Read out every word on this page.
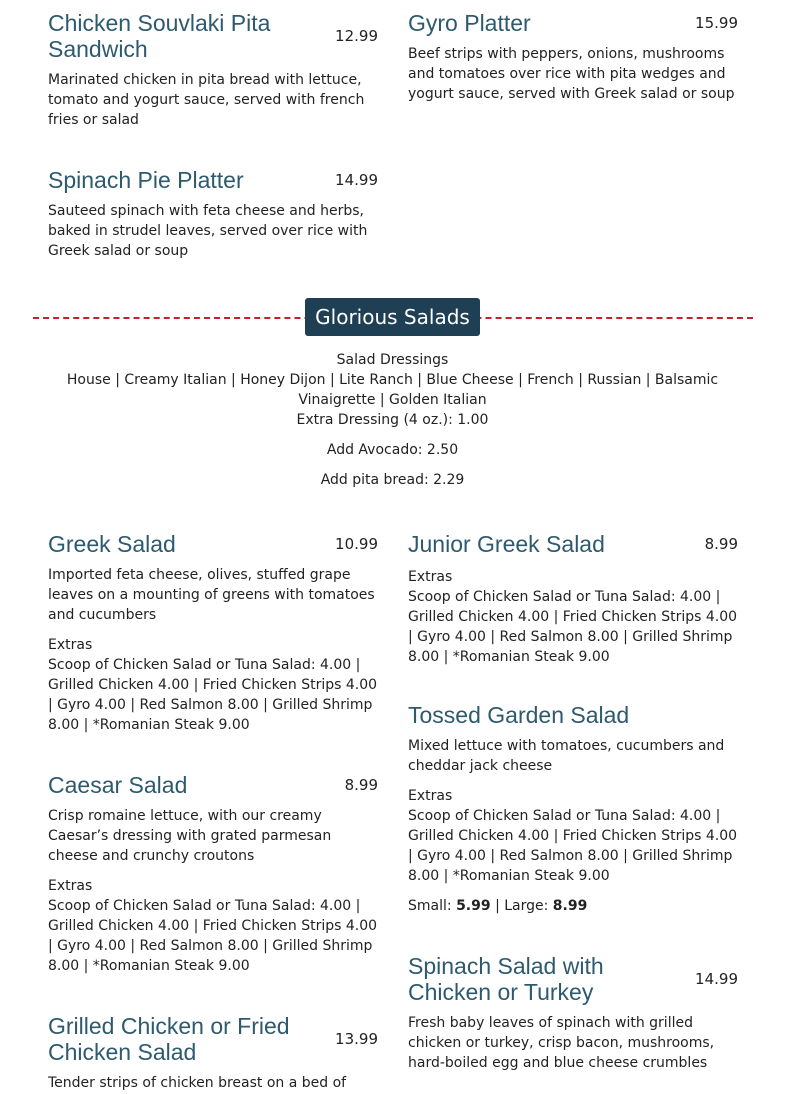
Chicken Souvlaki Pita Sandwich	12.99
Marinated chicken in pita bread with lettuce, tomato and yogurt sauce, served with french fries or salad
Gyro Platter	15.99
Beef strips with peppers, onions, mushrooms and tomatoes over rice with pita wedges and yogurt sauce, served with Greek salad or soup
Spinach Pie Platter	14.99
Sauteed spinach with feta cheese and herbs, baked in strudel leaves, served over rice with Greek salad or soup
Glorious Salads

Salad Dressings

House | Creamy Italian | Honey Dijon | Lite Ranch | Blue Cheese | French | Russian | Balsamic Vinaigrette | Golden Italian

Extra Dressing (4 oz.): 1.00

Add Avocado: 2.50

Add pita bread: 2.29

Greek Salad	10.99
Imported feta cheese, olives, stuffed grape leaves on a mounting of greens with tomatoes and cucumbers
Extras
Scoop of Chicken Salad or Tuna Salad: 4.00 | Grilled Chicken 4.00 | Fried Chicken Strips 4.00 | Gyro 4.00 | Red Salmon 8.00 | Grilled Shrimp 8.00 | *Romanian Steak 9.00
Caesar Salad	8.99
Crisp romaine lettuce, with our creamy Caesar’s dressing with grated parmesan cheese and crunchy croutons
Extras
Scoop of Chicken Salad or Tuna Salad: 4.00 | Grilled Chicken 4.00 | Fried Chicken Strips 4.00 | Gyro 4.00 | Red Salmon 8.00 | Grilled Shrimp 8.00 | *Romanian Steak 9.00
Grilled Chicken or Fried Chicken Salad	13.99
Tender strips of chicken breast on a bed of
Junior Greek Salad	8.99
Extras
Scoop of Chicken Salad or Tuna Salad: 4.00 | Grilled Chicken 4.00 | Fried Chicken Strips 4.00 | Gyro 4.00 | Red Salmon 8.00 | Grilled Shrimp 8.00 | *Romanian Steak 9.00
Tossed Garden Salad
Mixed lettuce with tomatoes, cucumbers and cheddar jack cheese
Extras
Scoop of Chicken Salad or Tuna Salad: 4.00 | Grilled Chicken 4.00 | Fried Chicken Strips 4.00 | Gyro 4.00 | Red Salmon 8.00 | Grilled Shrimp 8.00 | *Romanian Steak 9.00
Small: 5.99 | Large: 8.99
Spinach Salad with Chicken or Turkey	14.99
Fresh baby leaves of spinach with grilled chicken or turkey, crisp bacon, mushrooms, hard-boiled egg and blue cheese crumbles
